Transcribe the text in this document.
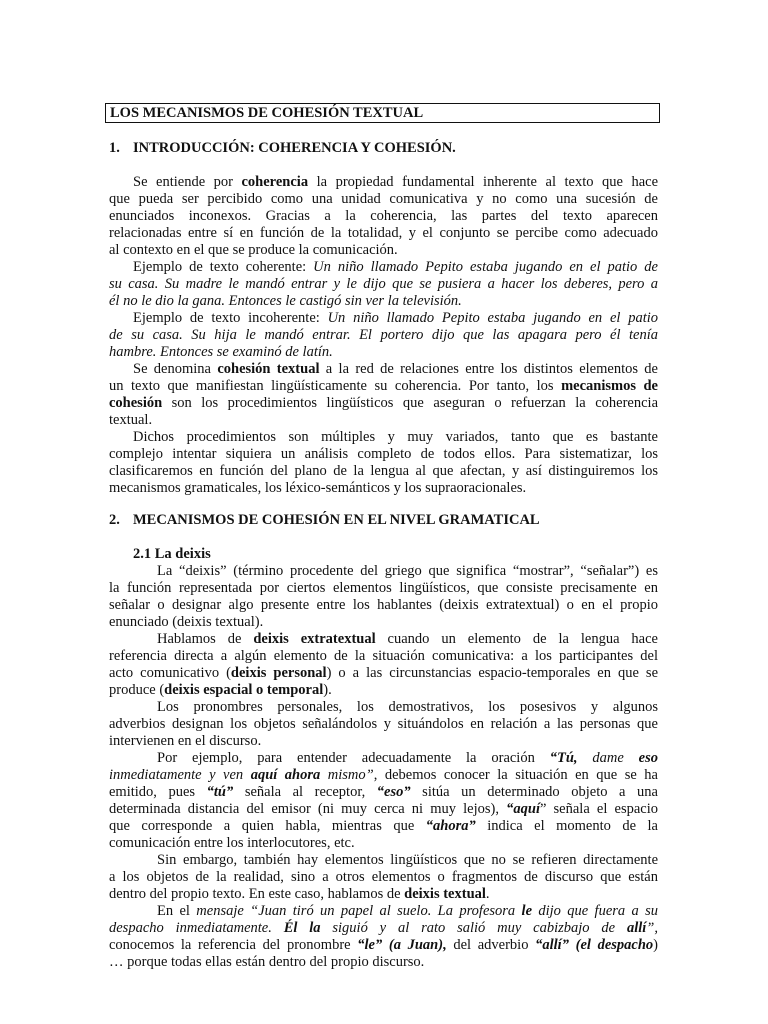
LOS MECANISMOS DE COHESIÓN TEXTUAL
1. INTRODUCCIÓN: COHERENCIA Y COHESIÓN.
Se entiende por coherencia la propiedad fundamental inherente al texto que hace
que pueda ser percibido como una unidad comunicativa y no como una sucesión de
enunciados inconexos. Gracias a la coherencia, las partes del texto aparecen
relacionadas entre sí en función de la totalidad, y el conjunto se percibe como adecuado
al contexto en el que se produce la comunicación.
Ejemplo de texto coherente: Un niño llamado Pepito estaba jugando en el patio de
su casa. Su madre le mandó entrar y le dijo que se pusiera a hacer los deberes, pero a
él no le dio la gana. Entonces le castigó sin ver la televisión.
Ejemplo de texto incoherente: Un niño llamado Pepito estaba jugando en el patio
de su casa. Su hija le mandó entrar. El portero dijo que las apagara pero él tenía
hambre. Entonces se examinó de latín.
Se denomina cohesión textual a la red de relaciones entre los distintos elementos de
un texto que manifiestan lingüísticamente su coherencia. Por tanto, los mecanismos de
cohesión son los procedimientos lingüísticos que aseguran o refuerzan la coherencia
textual.
Dichos procedimientos son múltiples y muy variados, tanto que es bastante
complejo intentar siquiera un análisis completo de todos ellos. Para sistematizar, los
clasificaremos en función del plano de la lengua al que afectan, y así distinguiremos los
mecanismos gramaticales, los léxico-semánticos y los supraoracionales.
2. MECANISMOS DE COHESIÓN EN EL NIVEL GRAMATICAL
2.1 La deixis
La “deixis” (término procedente del griego que significa “mostrar”, “señalar”) es
la función representada por ciertos elementos lingüísticos, que consiste precisamente en
señalar o designar algo presente entre los hablantes (deixis extratextual) o en el propio
enunciado (deixis textual).
Hablamos de deixis extratextual cuando un elemento de la lengua hace
referencia directa a algún elemento de la situación comunicativa: a los participantes del
acto comunicativo (deixis personal) o a las circunstancias espacio-temporales en que se
produce (deixis espacial o temporal).
Los pronombres personales, los demostrativos, los posesivos y algunos
adverbios designan los objetos señalándolos y situándolos en relación a las personas que
intervienen en el discurso.
Por ejemplo, para entender adecuadamente la oración “Tú, dame eso
inmediatamente y ven aquí ahora mismo”, debemos conocer la situación en que se ha
emitido, pues “tú” señala al receptor, “eso” sitúa un determinado objeto a una
determinada distancia del emisor (ni muy cerca ni muy lejos), “aquí” señala el espacio
que corresponde a quien habla, mientras que “ahora” indica el momento de la
comunicación entre los interlocutores, etc.
Sin embargo, también hay elementos lingüísticos que no se refieren directamente
a los objetos de la realidad, sino a otros elementos o fragmentos de discurso que están
dentro del propio texto. En este caso, hablamos de deixis textual.
En el mensaje “Juan tiró un papel al suelo. La profesora le dijo que fuera a su
despacho inmediatamente. Él la siguió y al rato salió muy cabizbajo de allí”,
conocemos la referencia del pronombre “le” (a Juan), del adverbio “allí” (el despacho)
… porque todas ellas están dentro del propio discurso.
